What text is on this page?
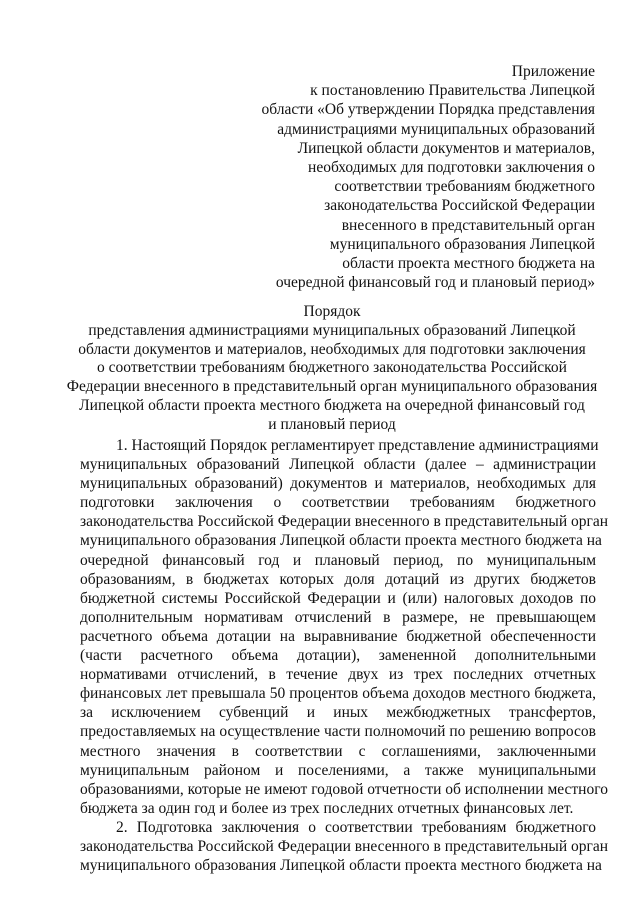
Приложение
к постановлению Правительства Липецкой
области «Об утверждении Порядка представления
администрациями муниципальных образований
Липецкой области документов и материалов,
необходимых для подготовки заключения о
соответствии требованиям бюджетного
законодательства Российской Федерации
внесенного в представительный орган
муниципального образования Липецкой
области проекта местного бюджета на
очередной финансовый год и плановый период»
Порядок
представления администрациями муниципальных образований Липецкой
области документов и материалов, необходимых для подготовки заключения
о соответствии требованиям бюджетного законодательства Российской
Федерации внесенного в представительный орган муниципального образования
Липецкой области проекта местного бюджета на очередной финансовый год
и плановый период
1. Настоящий Порядок регламентирует представление администрациями
муниципальных образований Липецкой области (далее – администрации
муниципальных образований) документов и материалов, необходимых для
подготовки заключения о соответствии требованиям бюджетного
законодательства Российской Федерации внесенного в представительный орган
муниципального образования Липецкой области проекта местного бюджета на
очередной финансовый год и плановый период, по муниципальным
образованиям, в бюджетах которых доля дотаций из других бюджетов
бюджетной системы Российской Федерации и (или) налоговых доходов по
дополнительным нормативам отчислений в размере, не превышающем
расчетного объема дотации на выравнивание бюджетной обеспеченности
(части расчетного объема дотации), замененной дополнительными
нормативами отчислений, в течение двух из трех последних отчетных
финансовых лет превышала 50 процентов объема доходов местного бюджета,
за исключением субвенций и иных межбюджетных трансфертов,
предоставляемых на осуществление части полномочий по решению вопросов
местного значения в соответствии с соглашениями, заключенными
муниципальным районом и поселениями, а также муниципальными
образованиями, которые не имеют годовой отчетности об исполнении местного
бюджета за один год и более из трех последних отчетных финансовых лет.
2. Подготовка заключения о соответствии требованиям бюджетного
законодательства Российской Федерации внесенного в представительный орган
муниципального образования Липецкой области проекта местного бюджета на
